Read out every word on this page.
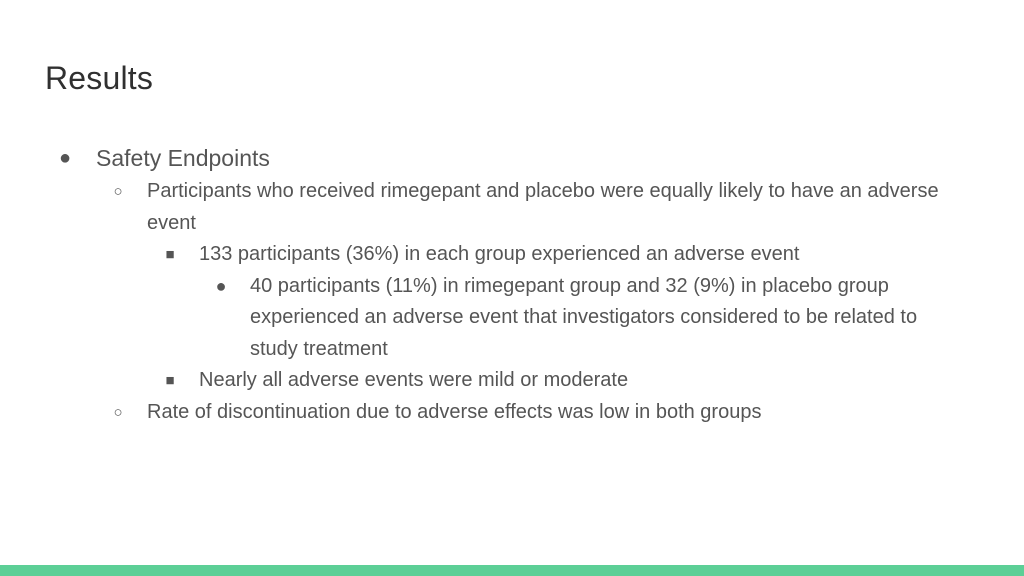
Results
● Safety Endpoints
○ Participants who received rimegepant and placebo were equally likely to have an adverse event
■ 133 participants (36%) in each group experienced an adverse event
● 40 participants (11%) in rimegepant group and 32 (9%) in placebo group experienced an adverse event that investigators considered to be related to study treatment
■ Nearly all adverse events were mild or moderate
○ Rate of discontinuation due to adverse effects was low in both groups
